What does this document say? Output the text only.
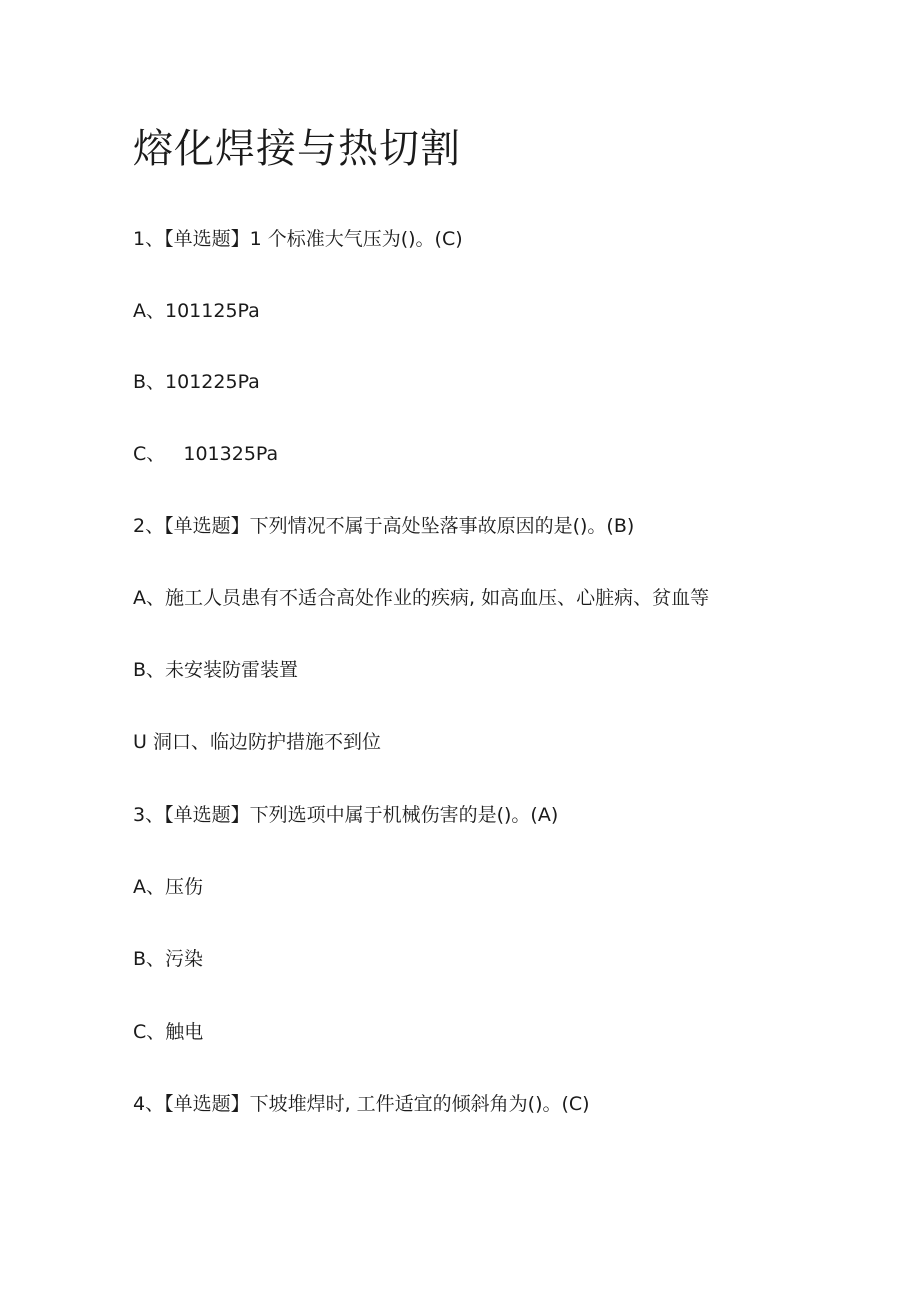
熔化焊接与热切割
1、【单选题】1 个标准大气压为()。(C)
A、101125Pa
B、101225Pa
C、   101325Pa
2、【单选题】下列情况不属于高处坠落事故原因的是()。(B)
A、施工人员患有不适合高处作业的疾病, 如高血压、心脏病、贫血等
B、未安装防雷装置
U 洞口、临边防护措施不到位
3、【单选题】下列选项中属于机械伤害的是()。(A)
A、压伤
B、污染
C、触电
4、【单选题】下坡堆焊时, 工件适宜的倾斜角为()。(C)
